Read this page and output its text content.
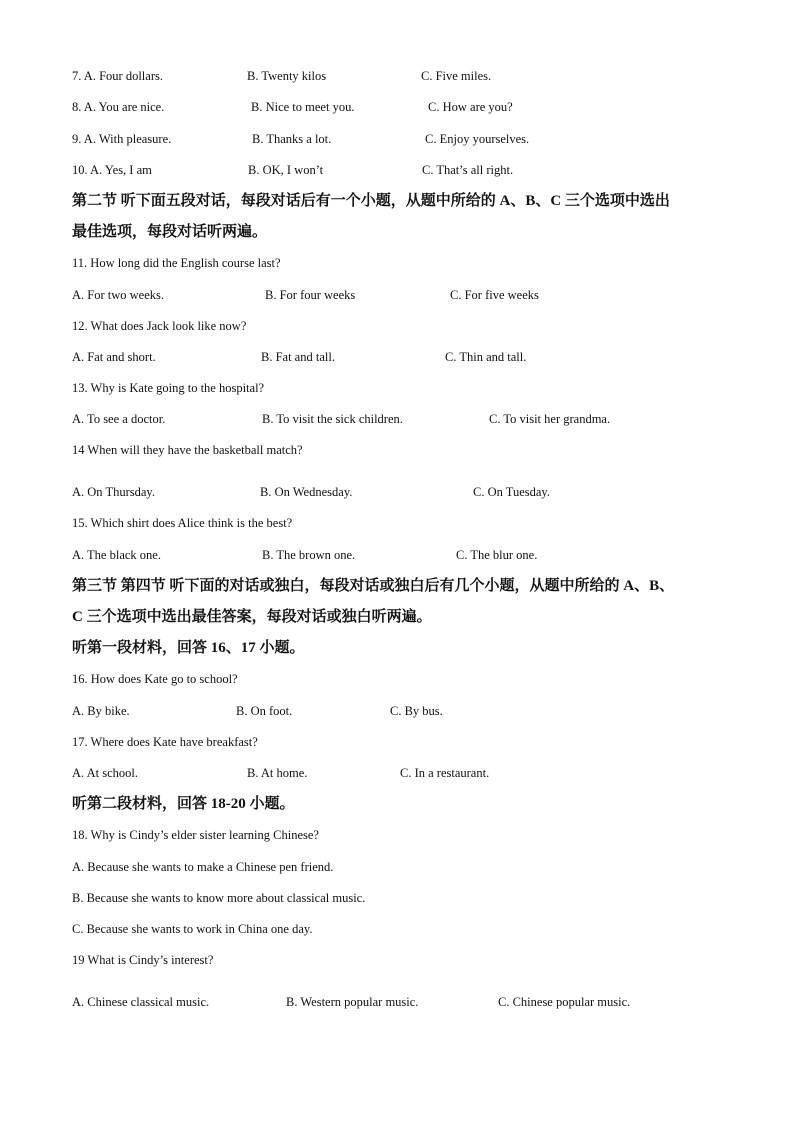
7. A. Four dollars.	B. Twenty kilos	C. Five miles.
8. A. You are nice.	B. Nice to meet you.	C. How are you?
9. A. With pleasure.	B. Thanks a lot.	C. Enjoy yourselves.
10. A. Yes, I am	B. OK, I won’t	C. That’s all right.
第二节 听下面五段对话，每段对话后有一个小题，从题中所给的 A、B、C 三个选项中选出
最佳选项，每段对话听两遍。
11. How long did the English course last?
A. For two weeks.	B. For four weeks	C. For five weeks
12. What does Jack look like now?
A. Fat and short.	B. Fat and tall.	C. Thin and tall.
13. Why is Kate going to the hospital?
A. To see a doctor.	B. To visit the sick children.	C. To visit her grandma.
14 When will they have the basketball match?
A. On Thursday.	B. On Wednesday.	C. On Tuesday.
15. Which shirt does Alice think is the best?
A. The black one.	B. The brown one.	C. The blur one.
第三节 第四节 听下面的对话或独白，每段对话或独白后有几个小题，从题中所给的 A、B、
C 三个选项中选出最佳答案，每段对话或独白听两遍。
听第一段材料，回答 16、17 小题。
16. How does Kate go to school?
A. By bike.	B. On foot.	C. By bus.
17. Where does Kate have breakfast?
A. At school.	B. At home.	C. In a restaurant.
听第二段材料，回答 18-20 小题。
18. Why is Cindy’s elder sister learning Chinese?
A. Because she wants to make a Chinese pen friend.
B. Because she wants to know more about classical music.
C. Because she wants to work in China one day.
19 What is Cindy’s interest?
A. Chinese classical music.	B. Western popular music.	C. Chinese popular music.
